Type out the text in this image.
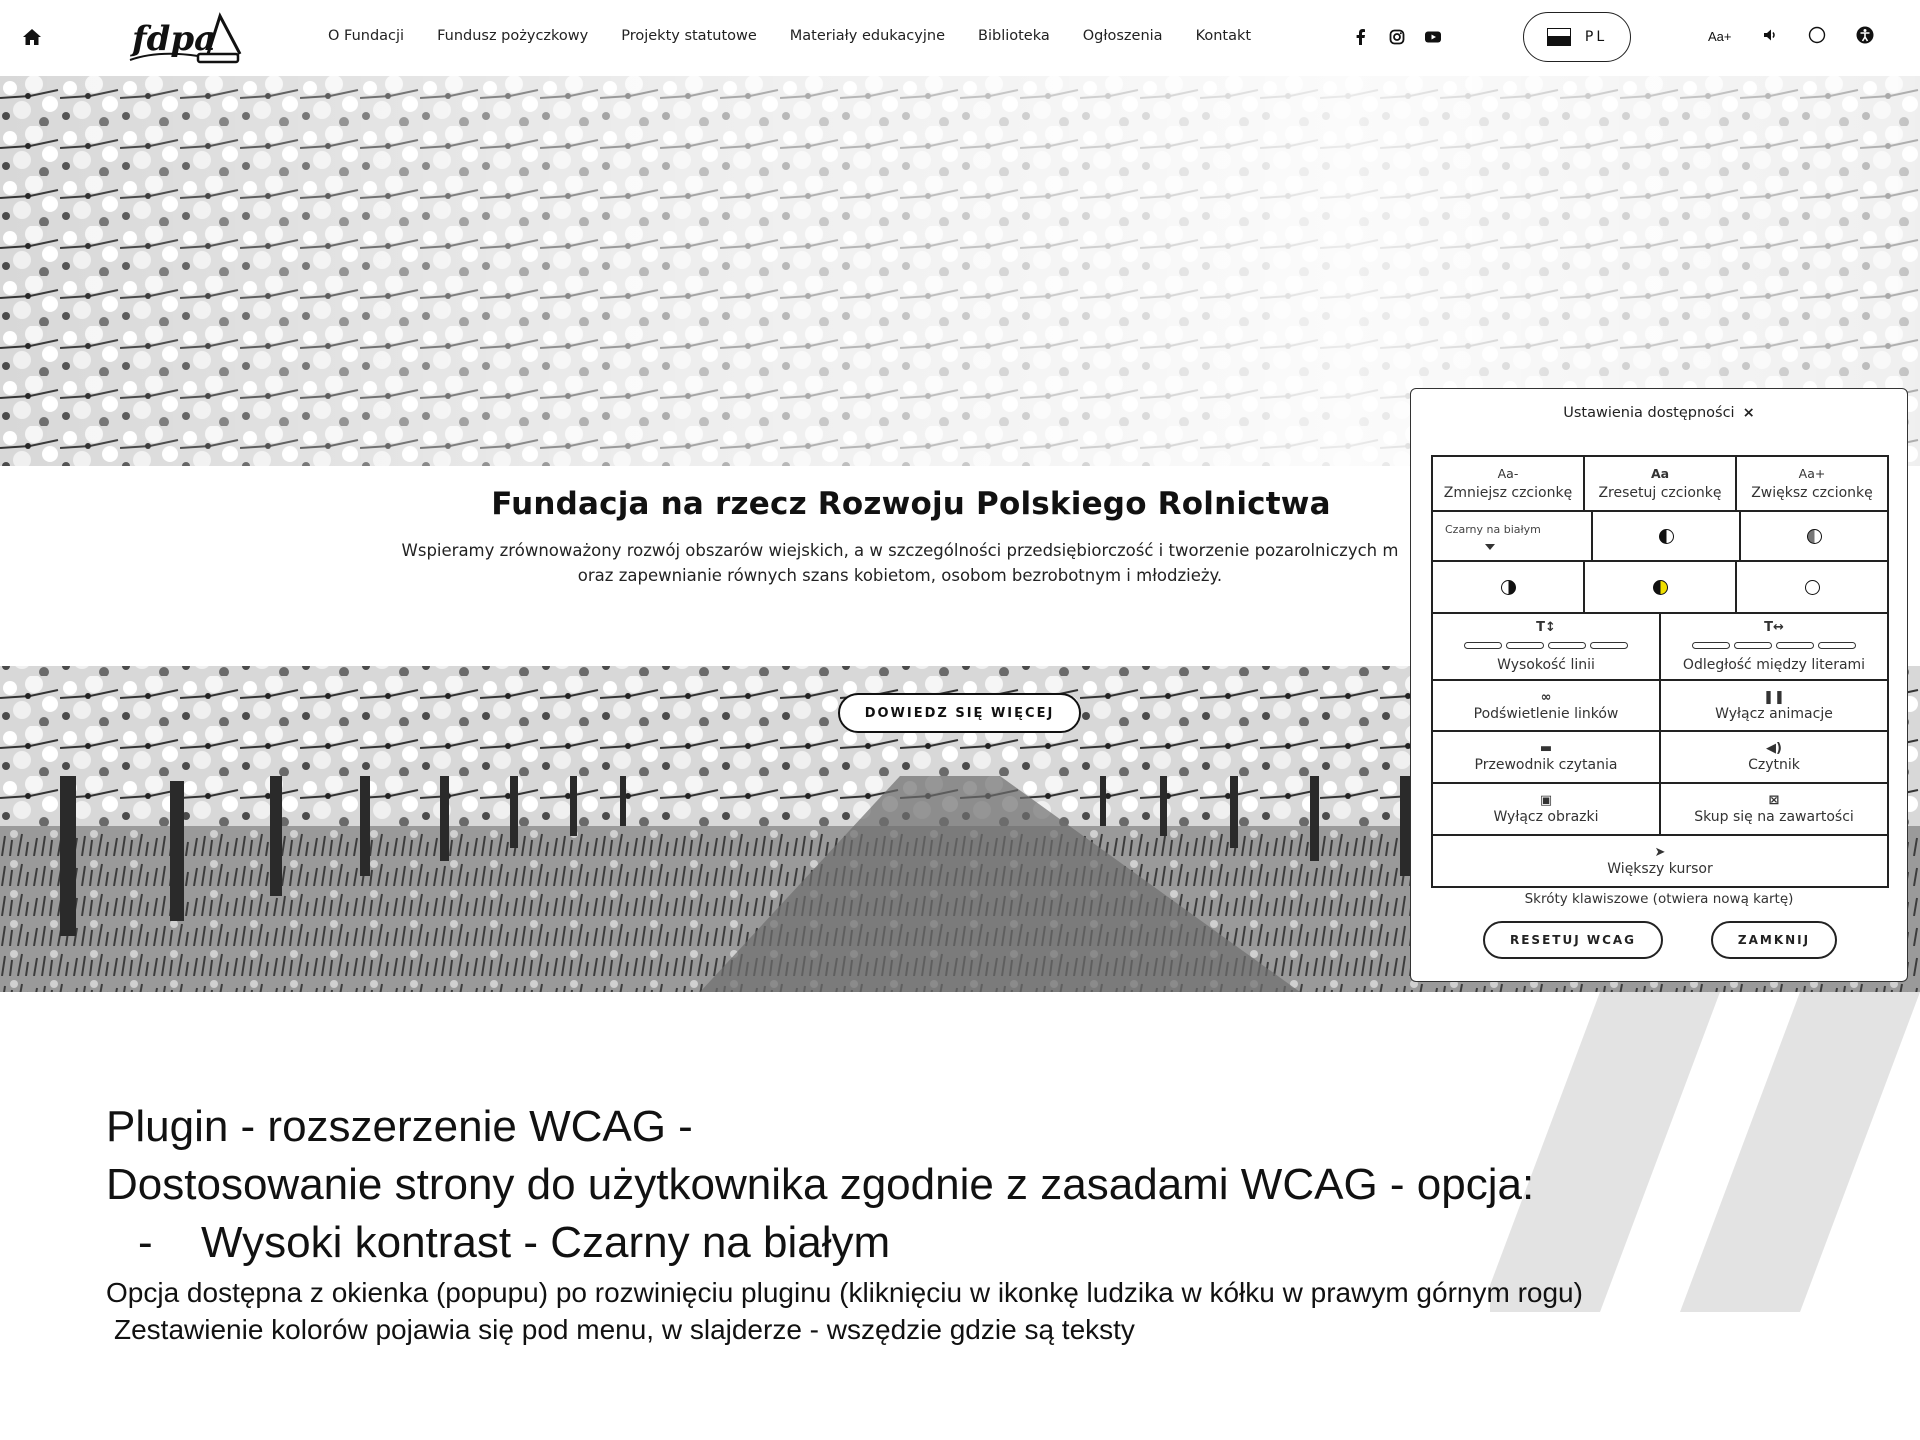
fdpa	O Fundacji Fundusz pożyczkowy Projekty statutowe Materiały edukacyjne Biblioteka Ogłoszenia Kontakt	PL	Aa+
Fundacja na rzecz Rozwoju Polskiego Rolnictwa
Wspieramy zrównoważony rozwój obszarów wiejskich, a w szczególności przedsiębiorczość i tworzenie pozarolniczych m
oraz zapewnianie równych szans kobietom, osobom bezrobotnym i młodzieży.
DOWIEDZ SIĘ WIĘCEJ
Ustawienia dostępności ×
Aa-
Zmniejsz czcionkę
Aa
Zresetuj czcionkę
Aa+
Zwiększ czcionkę
Czarny na białym
T↕
Wysokość linii
T↔
Odległość między literami
∞
Podświetlenie linków
❚❚
Wyłącz animacje
▬
Przewodnik czytania
◀)
Czytnik
▣
Wyłącz obrazki
⊠
Skup się na zawartości
➤
Większy kursor
Skróty klawiszowe (otwiera nową kartę)
RESETUJ WCAG	ZAMKNIJ
Plugin - rozszerzenie WCAG -
Dostosowanie strony do użytkownika zgodnie z zasadami WCAG - opcja:
-	Wysoki kontrast - Czarny na białym
Opcja dostępna z okienka (popupu) po rozwinięciu pluginu (kliknięciu w ikonkę ludzika w kółku w prawym górnym rogu)
Zestawienie kolorów pojawia się pod menu, w slajderze - wszędzie gdzie są teksty
